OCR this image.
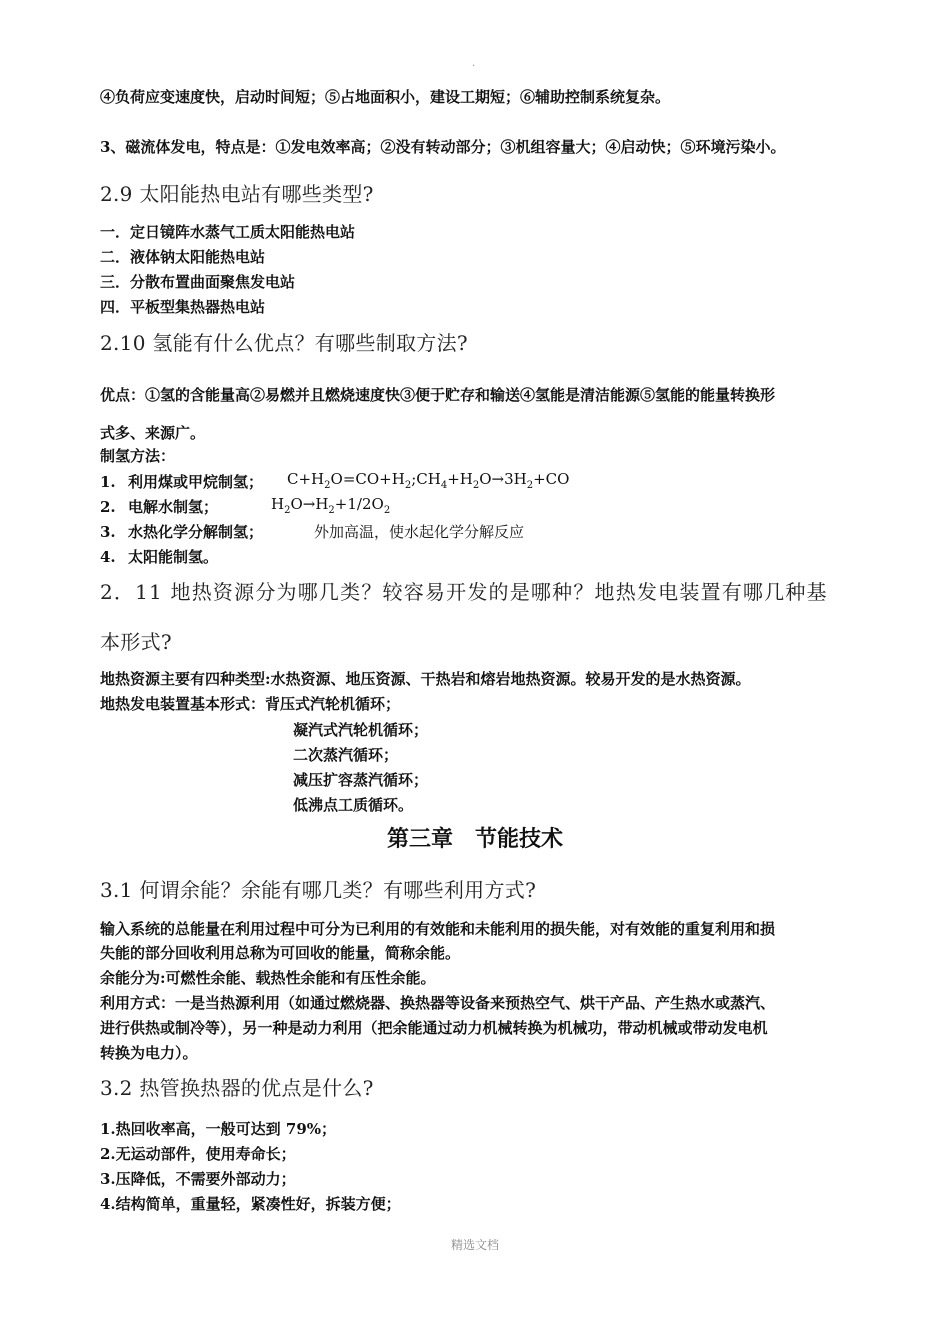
.
④负荷应变速度快，启动时间短；⑤占地面积小，建设工期短；⑥辅助控制系统复杂。
3、磁流体发电，特点是：①发电效率高；②没有转动部分；③机组容量大；④启动快；⑤环境污染小。
2.9 太阳能热电站有哪些类型?
一．定日镜阵水蒸气工质太阳能热电站
二．液体钠太阳能热电站
三．分散布置曲面聚焦发电站
四．平板型集热器热电站
2.10 氢能有什么优点？有哪些制取方法?
优点：①氢的含能量高②易燃并且燃烧速度快③便于贮存和输送④氢能是清洁能源⑤氢能的能量转换形
式多、来源广。
制氢方法：
1. 利用煤或甲烷制氢；
2. 电解水制氢；
3. 水热化学分解制氢；
4. 太阳能制氢。
$C+H_2O=CO+H_2;CH_4+H_2O\to 3H_2+CO$
$H_2O\to H_2+1/2O_2$
外加高温，使水起化学分解反应
2．11 地热资源分为哪几类？较容易开发的是哪种？地热发电装置有哪几种基
本形式?
地热资源主要有四种类型:水热资源、地压资源、干热岩和熔岩地热资源。较易开发的是水热资源。
地热发电装置基本形式：背压式汽轮机循环；
凝汽式汽轮机循环；
二次蒸汽循环；
减压扩容蒸汽循环；
低沸点工质循环。
第三章　节能技术
3.1 何谓余能？余能有哪几类？有哪些利用方式?
输入系统的总能量在利用过程中可分为已利用的有效能和未能利用的损失能，对有效能的重复利用和损
失能的部分回收利用总称为可回收的能量，简称余能。
余能分为:可燃性余能、载热性余能和有压性余能。
利用方式：一是当热源利用（如通过燃烧器、换热器等设备来预热空气、烘干产品、产生热水或蒸汽、
进行供热或制冷等），另一种是动力利用（把余能通过动力机械转换为机械功，带动机械或带动发电机
转换为电力）。
3.2 热管换热器的优点是什么?
1.热回收率高，一般可达到 79%；
2.无运动部件，使用寿命长；
3.压降低，不需要外部动力；
4.结构简单，重量轻，紧凑性好，拆装方便；
精选文档
